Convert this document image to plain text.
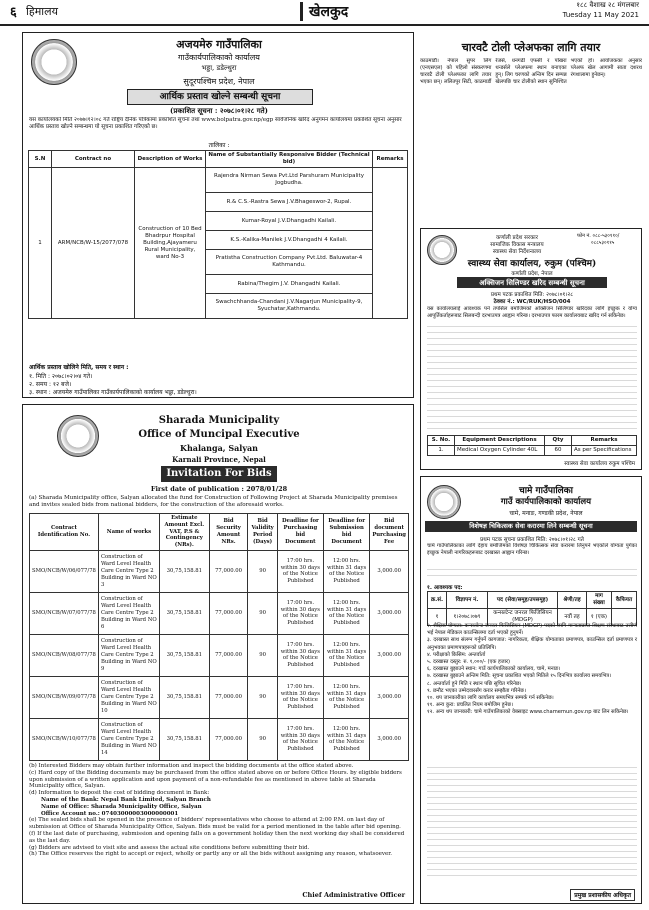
६ हिमालय	खेलकुद	१८८ वैशाख २८ मंगलबार
Tuesday 11 May 2021
अजयमेरु गाउँपालिका
गाउँकार्यपालिकाको कार्यालय
भड्डा, डडेल्धुरा
सुदूरपश्चिम प्रदेश, नेपाल
आर्थिक प्रस्ताव खोल्ने सम्बन्धी सूचना
(प्रकाशित सूचना : २०७८।०१।२८ गते)
यस कार्यालयको मिति २०७७।१२।०८ गते राष्ट्रिय दैनिक पत्रिकामा प्रकाशित सूचना तथा www.bolpatra.gov.np/egp सार्वजनिक खरिद अनुगमन कार्यालयमा प्रकाशित सूचना अनुसार आर्थिक प्रस्ताव खोल्ने सम्बन्धमा यो सूचना प्रकाशित गरिएको छ।
तालिका :
S.N	Contract no	Description of Works	Name of Substantially Responsive Bidder (Technical bid)	Remarks
1	ARM/NCB/W-15/2077/078	Construction of 10 Bed Bhadrpur Hospital Building,Ajayameru Rural Municipality, ward No-3	Rajendra Nirman Sewa Pvt.Ltd Parshuram Municipality Jogbudha.	
			R.& C.S.-Rastra Sewa J.V.Bhageswor-2, Rupal.	
			Kumar-Royal J.V.Dhangadhi Kailali.	
			K.S.-Kalika-Manilek J.V.Dhangadhi 4 Kailali.	
			Pratistha Construction Company Pvt.Ltd. Baluwatar-4 Kathmandu.	
			Rabina/Thegim J.V. Dhangadhi Kailali.	
			Swachchhanda-Chandani J.V.Nagarjun Municipality-9, Syuchatar,Kathmandu.	
आर्थिक प्रस्ताव खोलिने मिति, समय र स्थान :
१. मिति : २०७८।०२।०४ गते।
२. समय : १२ बजे।
३. स्थान : अजयमेरु गाउँपालिका गाउँकार्यपालिकाको कार्यालय भड्डा, डडेल्धुरा।
चारवटै टोली प्लेअफका लागि तयार
काठमाडौं। नेपाल सुपर लिग (एनएसएल) को पहिलो संस्करणमा चारवटै टोली प्लेअफका लागि तयार भएका छन्। ललितपुर सिटी, काठमाडौं रेजर्स, धनगढी एफसी र पोखरा थन्डर्सले प्लेअफमा स्थान बनाएका हुन्। लिग चरणको अन्तिम दिन सम्पन्न खेलपछि चार टोलीको स्थान सुनिश्चित भएको हो। आयोजकका अनुसार प्लेअफ खेल आगामी साता दशरथ रंगशालामा हुनेछन्।
कर्णाली प्रदेश सरकार
सामाजिक विकास मन्त्रालय
स्वास्थ्य सेवा निर्देशनालय
फोन नं. ०८८-५३०११०/
०८८५३०११५
स्वास्थ्य सेवा कार्यालय, रुकुम (पश्चिम)
कर्णाली प्रदेश, नेपाल
अक्सिजन सिलिण्डर खरिद सम्बन्धी सूचना
प्रथम पटक प्रकाशित मिति: २०७८।०१।२८
ठेक्का नं.: WC/RUK/HSO/004
यस कार्यालयलाई आवश्यक पर्ने तपसिल बमोजिमको अक्सिजन सिलिण्डर खरिदका लागि इच्छुक र योग्य आपूर्तिकर्ताहरूबाट सिलबन्दी दरभाउपत्र आह्वान गरिन्छ। दरभाउपत्र फारम कार्यालयबाट खरिद गर्न सकिनेछ।
S. No.	Equipment Descriptions	Qty	Remarks
1.	Medical Oxygen Cylinder 40L	60	As per Specifications
स्वास्थ्य सेवा कार्यालय रुकुम पश्चिम
Sharada Municipality
Office of Muncipal Executive
Khalanga, Salyan
Karnali Province, Nepal
Invitation For Bids
First date of publication : 2078/01/28
(a) Sharada Municipality office, Salyan allocated the fund for Construction of Following Project at Sharada Municipality premises and invites sealed bids from national bidders, for the construction of the aforesaid works.
Contract Identification No.	Name of works	Estimate Amount Excl. VAT, P.S & Contingency (NRs).	Bid Security Amount NRs.	Bid Validity Period (Days)	Deadline for Purchasing bid Document	Deadline for Submission bid Document	Bid document Purchasing Fee
SMO/NCB/W/06/077/78	Construction of Ward Level Health Care Centre Type 2 Building in Ward NO 3	30,75,158.81	77,000.00	90	17:00 hrs. within 30 days of the Notice Published	12:00 hrs. within 31 days of the Notice Published	3,000.00
SMO/NCB/W/07/077/78	Construction of Ward Level Health Care Centre Type 2 Building in Ward NO 6	30,75,158.81	77,000.00	90	17:00 hrs. within 30 days of the Notice Published	12:00 hrs. within 31 days of the Notice Published	3,000.00
SMO/NCB/W/08/077/78	Construction of Ward Level Health Care Centre Type 2 Building in Ward NO 9	30,75,158.81	77,000.00	90	17:00 hrs. within 30 days of the Notice Published	12:00 hrs. within 31 days of the Notice Published	3,000.00
SMO/NCB/W/09/077/78	Construction of Ward Level Health Care Centre Type 2 Building in Ward NO 10	30,75,158.81	77,000.00	90	17:00 hrs. within 30 days of the Notice Published	12:00 hrs. within 31 days of the Notice Published	3,000.00
SMO/NCB/W/10/077/78	Construction of Ward Level Health Care Centre Type 2 Building in Ward NO 14	30,75,158.81	77,000.00	90	17:00 hrs. within 30 days of the Notice Published	12:00 hrs. within 31 days of the Notice Published	3,000.00
(b) Interested Bidders may obtain further information and inspect the bidding documents at the office stated above.
(c) Hard copy of the Bidding documents may be purchased from the office stated above on or before Office Hours. by eligible bidders upon submission of a written application and upon payment of a non-refundable fee as mentioned in above table at Sharada Municipality office, Salyan.
(d) Information to deposit the cost of bidding document in Bank:
Name of the Bank: Nepal Bank Limited, Salyan Branch
Name of Office: Sharada Municipality Office, Salyan
Office Account no.: 07403000003000000001
(e) The sealed bids shall be opened in the presence of bidders' representatives who choose to attend at 2:00 P.M. on last day of submission at Office of Sharada Municipality Office, Salyan. Bids must be valid for a period mentioned in the table after bid opening.
(f) If the last date of purchasing, submission and opening falls on a government holiday then the next working day shall be considered as the last day.
(g) Bidders are advised to visit site and assess the actual site conditions before submitting their bid.
(h) The Office reserves the right to accept or reject, wholly or partly any or all the bids without assigning any reason, whatsoever.
Chief Administrative Officer
चामे गाउँपालिका
गाउँ कार्यपालिकाको कार्यालय
चामे, मनाङ, गण्डकी प्रदेश, नेपाल
विशेषज्ञ चिकित्सक सेवा करारमा लिने सम्बन्धी सूचना
प्रथम पटक सूचना प्रकाशित मिति: २०७८।०१।२८ गते
चामे गाउँपालिकाका लागि देहाय बमोजिमको विशेषज्ञ चिकित्सक सेवा करारमा लिनुपर्ने भएकोले योग्यता पुगेका इच्छुक नेपाली नागरिकहरूबाट दरखास्त आह्वान गरिन्छ।
१. आवश्यक पद:
क्र.सं.	विज्ञापन नं.	पद (सेवा/समूह/उपसमूह)	श्रेणी/तह	माग संख्या	कैफियत
१	१।२०७८।०७९	कन्सल्टेन्ट जनरल फिजिसियन (MDGP)	नवौं तह	१ (एक)	
२. शैक्षिक योग्यता: कन्सल्टेन्ट जनरल फिजिसियन (MDGP) पदको लागि मान्यताप्राप्त शिक्षण संस्थाबाट उत्तीर्ण भई नेपाल मेडिकल काउन्सिलमा दर्ता भएको हुनुपर्ने।
३. दरखास्त साथ संलग्न गर्नुपर्ने कागजात: नागरिकता, शैक्षिक योग्यताका प्रमाणपत्र, काउन्सिल दर्ता प्रमाणपत्र र अनुभवका प्रमाणपत्रहरूको प्रतिलिपि।
४. परीक्षाको किसिम: अन्तर्वार्ता
५. दरखास्त दस्तुर: रु. १,०००/- (एक हजार)
६. दरखास्त बुझाउने स्थान: गाउँ कार्यपालिकाको कार्यालय, चामे, मनाङ।
७. दरखास्त बुझाउने अन्तिम मिति: सूचना प्रकाशित भएको मितिले १५ दिनभित्र कार्यालय समयभित्र।
८. अन्तर्वार्ता हुने मिति र स्थान पछि सूचित गरिनेछ।
९. छनौट भएका उम्मेदवारसँग करार सम्झौता गरिनेछ।
१०. थप जानकारीका लागि कार्यालय समयभित्र सम्पर्क गर्न सकिनेछ।
११. अन्य कुरा: प्रचलित नियम बमोजिम हुनेछ।
१२. अन्य थप जानकारी: चामे गाउँपालिकाको वेबसाइट www.chamemun.gov.np बाट लिन सकिनेछ।
प्रमुख प्रशासकीय अधिकृत
